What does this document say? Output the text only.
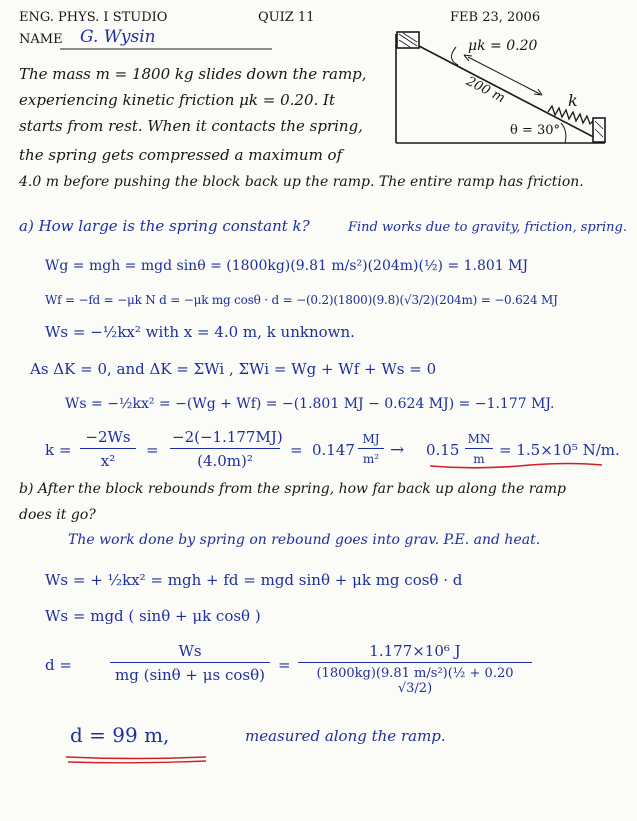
ENG. PHYS. I STUDIO	QUIZ 11	FEB 23, 2006
NAME G. Wysin	μk = 0.20
200 m	k
θ = 30°
The mass m = 1800 kg slides down the ramp,
experiencing kinetic friction μk = 0.20. It
starts from rest. When it contacts the spring,
the spring gets compressed a maximum of
4.0 m before pushing the block back up the ramp. The entire ramp has friction.
a) How large is the spring constant k?	Find works due to gravity, friction, spring.
Wg = mgh = mgd sinθ = (1800kg)(9.81 m/s²)(204m)(½) = 1.801 MJ
Wf = −fd = −μk N d = −μk mg cosθ · d = −(0.2)(1800)(9.8)(√3/2)(204m) = −0.624 MJ
Ws = −½kx² with x = 4.0 m, k unknown.
As ΔK = 0, and ΔK = ΣWi , ΣWi = Wg + Wf + Ws = 0
Ws = −½kx² = −(Wg + Wf) = −(1.801 MJ − 0.624 MJ) = −1.177 MJ.
k =
−2Ws
x²
=
−2(−1.177MJ)
(4.0m)²
= 0.147
MJ
m² → 0.15
MN
m = 1.5×10⁵ N/m.
b) After the block rebounds from the spring, how far back up along the ramp
does it go?
The work done by spring on rebound goes into grav. P.E. and heat.
Ws = + ½kx² = mgh + fd = mgd sinθ + μk mg cosθ · d
Ws = mgd ( sinθ + μk cosθ )
d =
Ws
mg (sinθ + μs cosθ)
=
1.177×10⁶ J
(1800kg)(9.81 m/s²)(½ + 0.20 √3/2)
d = 99 m,	measured along the ramp.
